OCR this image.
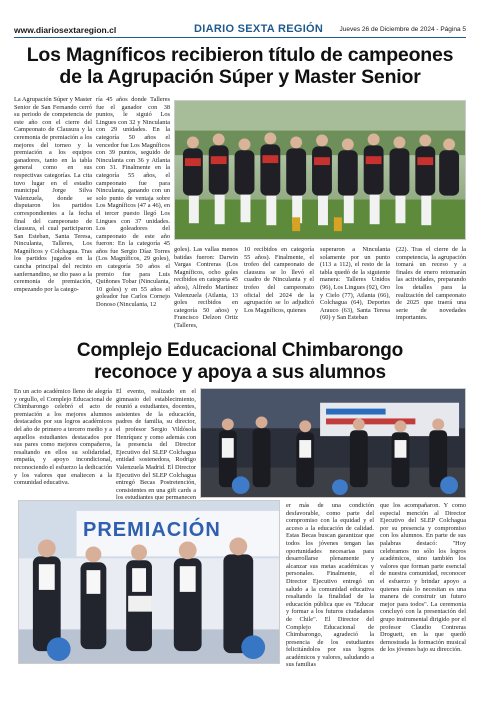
www.diariosextaregion.cl	DIARIO SEXTA REGIÓN	Jueves 26 de Diciembre de 2024 - Página 5
Los Magníficos recibieron título de campeones
de la Agrupación Súper y Master Senior
La Agrupación Súper y Master Senior de San Fernando cerró su periodo de competencia de este año con el cierre del Campeonato de Clausura y la ceremonia de premiación a los mejores del torneo y la premiación a los equipos ganadores, tanto en la tabla general como en sus respectivas categorías. La cita tuvo lugar en el estadio municipal Jorge Silva Valenzuela, donde se disputaron los partidos correspondientes a la fecha final del campeonato de clausura, el cual participaron San Esteban, Santa Teresa, Ninculanta, Talleres, Los Magníficos y Colchagua. Tras los partidos jugados en la cancha principal del recinto sanfernandino, se dio paso a la ceremonia de premiación, empezando por la catego-
ría 45 años donde Talleres fue el ganador con 38 puntos, le siguió Los Lingues con 32 y Ninculanta con 29 unidades. En la categoría 50 años el vencedor fue Los Magníficos con 39 puntos, seguido de Ninculanta con 36 y Atlanta con 31. Finalmente en la categoría 55 años, el campeonato fue para Ninculanta, ganando con un solo punto de ventaja sobre Los Magníficos (47 a 46), en el tercer puesto llegó Los Lingues con 37 unidades. Los goleadores del campeonato de este año fueron: En la categoría 45 años fue Sergio Díaz Torres (Los Magníficos, 29 goles), en categoría 50 años el premio fue para Luis Quiñones Tobar (Ninculanta, 10 goles) y en 55 años el goleador fue Carlos Cornejo Donoso (Ninculanta, 12
goles). Las vallas menos batidas fueron: Darwin Vargas Contreras (Los Magníficos, ocho goles recibidos en categoría 45 años), Alfredo Martínez Valenzuela (Atlanta, 13 goles recibidos en categoría 50 años) y Francisco Delzon Ortiz (Talleres,
10 recibidos en categoría 55 años). Finalmente, el trofeo del campeonato de clausura se lo llevó el cuadro de Ninculanta y el trofeo del campeonato oficial del 2024 de la agrupación se lo adjudicó Los Magníficos, quienes
superaron a Ninculanta solamente por un punto (113 a 112), el resto de la tabla quedó de la siguiente manera: Talleres Unidos (96), Los Lingues (92), Oro y Cielo (77), Atlanta (66), Colchagua (64), Deportes Arauco (63), Santa Teresa (60) y San Esteban
(22). Tras el cierre de la competencia, la agrupación tomará un receso y a finales de enero retomarán las actividades, preparando los detalles para la realización del campeonato de 2025 que traerá una serie de novedades importantes.
Complejo Educacional Chimbarongo
reconoce y apoya a sus alumnos
En un acto académico lleno de alegría y orgullo, el Complejo Educacional de Chimbarongo celebró el acto de premiación a los mejores alumnos destacados por sus logros académicos del año de primero a tercero medio y a aquellos estudiantes destacados por sus pares como mejores compañeros, resaltando en ellos su solidaridad, empatía, y apoyo incondicional, reconociendo el esfuerzo la dedicación y los valores que enaltecen a la comunidad educativa.
El evento, realizado en el gimnasio del establecimiento, reunió a estudiantes, docentes, asistentes de la educación, padres de familia, su director, el profesor Sergio Vildósola Henríquez y como además con la presencia del Director Ejecutivo del SLEP Colchagua entidad sostenedora, Rodrigo Valenzuela Madrid. El Director Ejecutivo del SLEP Colchagua entregó Becas Postretención, consistentes en una gift cards a los estudiantes que permanecen
PREMIACIÓN
er más de una condición desfavorable, como parte del compromiso con la equidad y el acceso a la educación de calidad. Estas Becas buscan garantizar que todos los jóvenes tengan las oportunidades necesarias para desarrollarse plenamente y alcanzar sus metas académicas y personales. Finalmente, el Director Ejecutivo entregó un saludo a la comunidad educativa resaltando la finalidad de la educación pública que es "Educar y formar a los futuros ciudadanos de Chile". El Director del Complejo Educacional de Chimbarongo, agradeció la presencia de los estudiantes felicitándolos por sus logros académicos y valores, saludando a sus familias
que los acompañaron. Y como especial mención al Director Ejecutivo del SLEP Colchagua por su presencia y compromiso con los alumnos. En parte de sus palabras destacó: "Hoy celebramos no sólo los logros académicos, sino también los valores que forman parte esencial de nuestra comunidad, reconocer el esfuerzo y brindar apoyo a quienes más lo necesitan es una manera de construir un futuro mejor para todos". La ceremonia concluyó con la presentación del grupo instrumental dirigido por el profesor Claudio Contreras Droguett, en la que quedó demostrada la formación musical de los jóvenes bajo su dirección.
